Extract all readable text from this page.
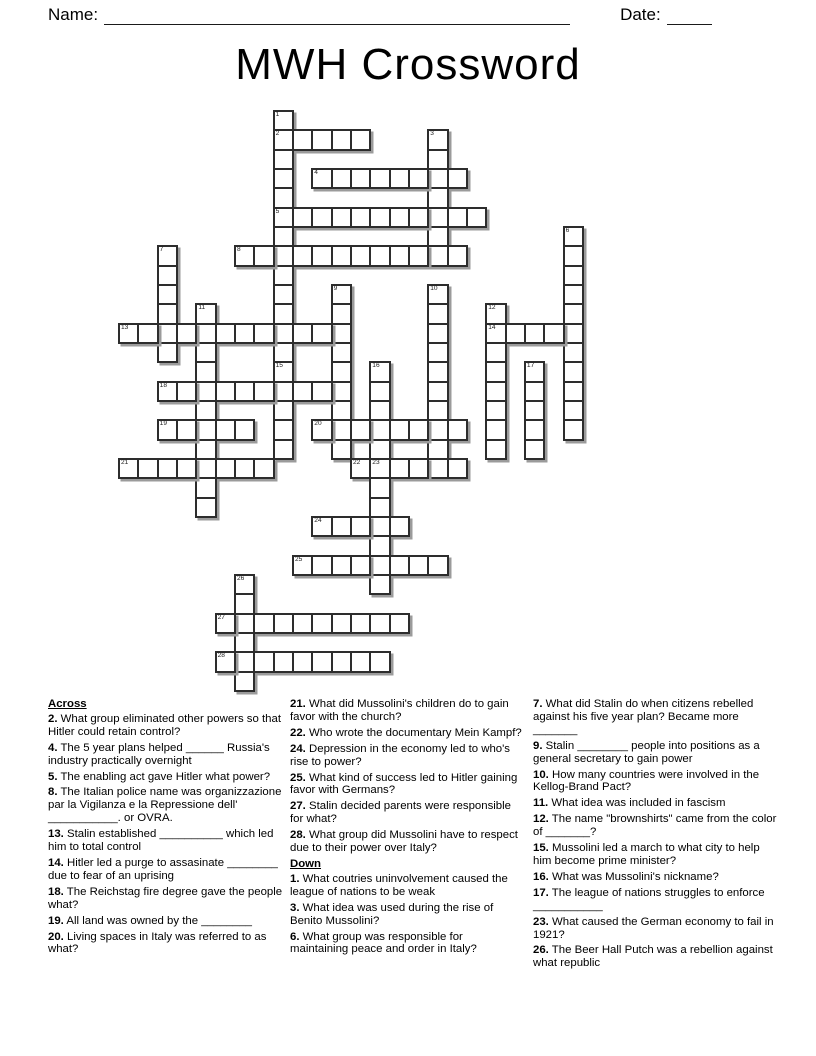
Name:	Date:
MWH Crossword
1
2
5
3
4
6
7	8
9	10
11	12
14
13
15	16	17
18
19	20
21	22 23
24
25
26
27
28
Across
2. What group eliminated other powers so that Hitler could retain control?
4. The 5 year plans helped ______ Russia's industry practically overnight
5. The enabling act gave Hitler what power?
8. The Italian police name was organizzazione par la Vigilanza e la Repressione dell' ___________. or OVRA.
13. Stalin established __________ which led him to total control
14. Hitler led a purge to assasinate ________ due to fear of an uprising
18. The Reichstag fire degree gave the people what?
19. All land was owned by the ________
20. Living spaces in Italy was referred to as what?
21. What did Mussolini's children do to gain favor with the church?
22. Who wrote the documentary Mein Kampf?
24. Depression in the economy led to who's rise to power?
25. What kind of success led to Hitler gaining favor with Germans?
27. Stalin decided parents were responsible for what?
28. What group did Mussolini have to respect due to their power over Italy?
Down
1. What coutries uninvolvement caused the league of nations to be weak
3. What idea was used during the rise of Benito Mussolini?
6. What group was responsible for maintaining peace and order in Italy?
7. What did Stalin do when citizens rebelled against his five year plan? Became more _______
9. Stalin ________ people into positions as a general secretary to gain power
10. How many countries were involved in the Kellog-Brand Pact?
11. What idea was included in fascism
12. The name "brownshirts" came from the color of _______?
15. Mussolini led a march to what city to help him become prime minister?
16. What was Mussolini's nickname?
17. The league of nations struggles to enforce ___________
23. What caused the German economy to fail in 1921?
26. The Beer Hall Putch was a rebellion against what republic
